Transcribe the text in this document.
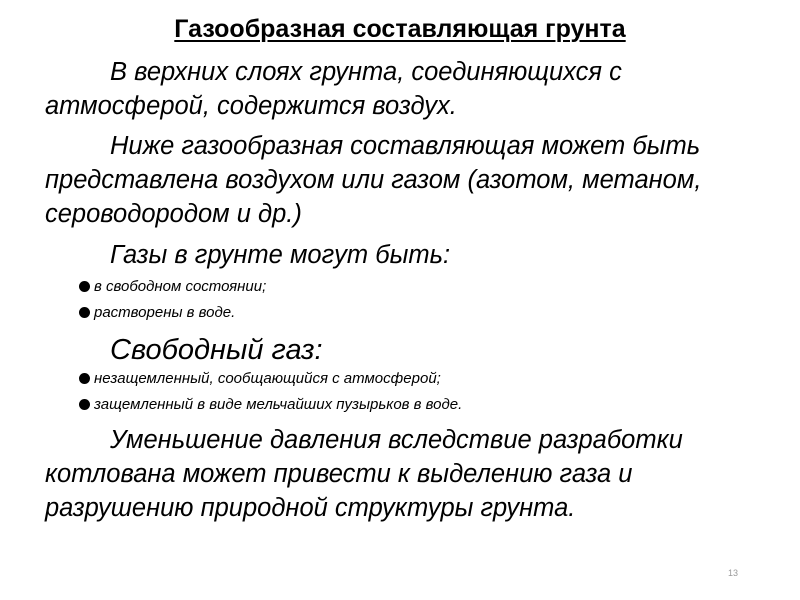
Газообразная составляющая грунта

В верхних слоях грунта, соединяющихся с атмосферой, содержится воздух.

Ниже газообразная составляющая может быть представлена воздухом или газом (азотом, метаном, сероводородом и др.)

Газы в грунте могут быть:

в свободном состоянии;
растворены в воде.

Свободный газ:

незащемленный, сообщающийся с атмосферой;
защемленный в виде мельчайших пузырьков в воде.

Уменьшение давления вследствие разработки котлована может привести к выделению газа и разрушению природной структуры грунта.

13
